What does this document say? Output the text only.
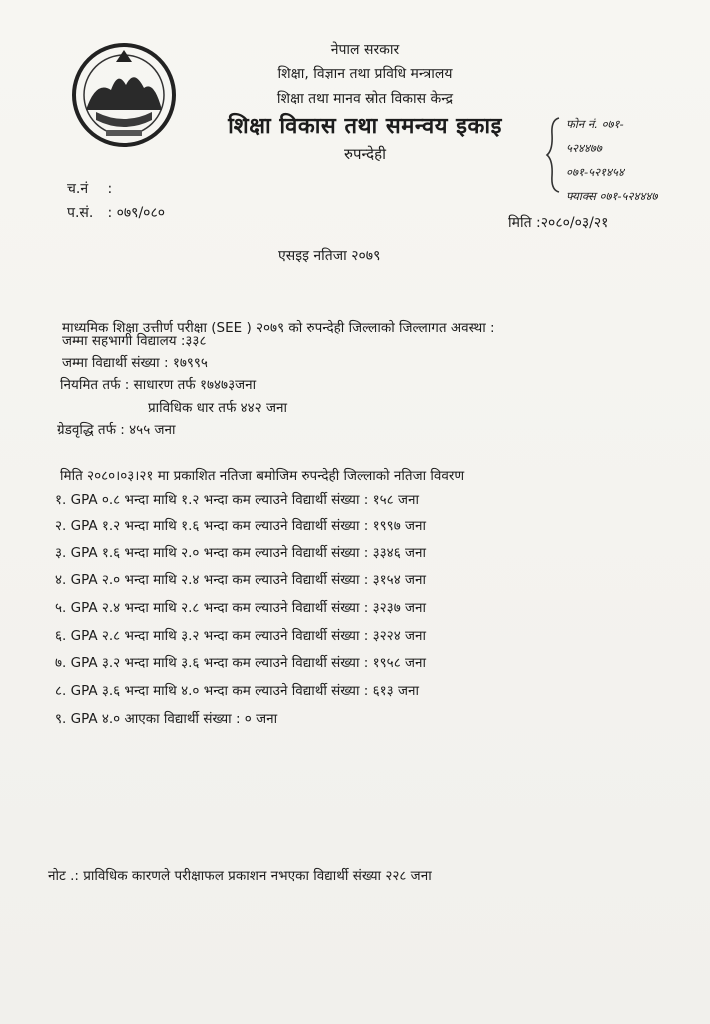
नेपाल सरकार
शिक्षा, विज्ञान तथा प्रविधि मन्त्रालय
शिक्षा तथा मानव स्रोत विकास केन्द्र
शिक्षा विकास तथा समन्वय इकाइ
रुपन्देही
फोन नं. ०७१-
५२४४७७
०७१-५२१४५४
फ्याक्स ०७१-५२४४४७
च.नं :
प.सं. : ०७९/०८०
मिति :२०८०/०३/२१
एसइइ नतिजा २०७९
माध्यमिक शिक्षा उत्तीर्ण परीक्षा (SEE ) २०७९ को रुपन्देही जिल्लाको जिल्लागत अवस्था :
जम्मा सहभागी विद्यालय :३३८
जम्मा विद्यार्थी संख्या : १७९९५
नियमित तर्फ : साधारण तर्फ १७४७३जना
प्राविधिक धार तर्फ ४४२ जना
ग्रेडवृद्धि तर्फ : ४५५ जना
मिति २०८०।०३।२१ मा प्रकाशित नतिजा बमोजिम रुपन्देही जिल्लाको नतिजा विवरण
१. GPA ०.८ भन्दा माथि १.२ भन्दा कम ल्याउने विद्यार्थी संख्या : १५८ जना
२. GPA १.२ भन्दा माथि १.६ भन्दा कम ल्याउने विद्यार्थी संख्या : १९९७ जना
३. GPA १.६ भन्दा माथि २.० भन्दा कम ल्याउने विद्यार्थी संख्या : ३३४६ जना
४. GPA २.० भन्दा माथि २.४ भन्दा कम ल्याउने विद्यार्थी संख्या : ३१५४ जना
५. GPA २.४ भन्दा माथि २.८ भन्दा कम ल्याउने विद्यार्थी संख्या : ३२३७ जना
६. GPA २.८ भन्दा माथि ३.२ भन्दा कम ल्याउने विद्यार्थी संख्या : ३२२४ जना
७. GPA ३.२ भन्दा माथि ३.६ भन्दा कम ल्याउने विद्यार्थी संख्या : १९५८ जना
८. GPA ३.६ भन्दा माथि ४.० भन्दा कम ल्याउने विद्यार्थी संख्या : ६१३ जना
९. GPA ४.० आएका विद्यार्थी संख्या : ० जना
नोट .: प्राविधिक कारणले परीक्षाफल प्रकाशन नभएका विद्यार्थी संख्या २२८ जना
